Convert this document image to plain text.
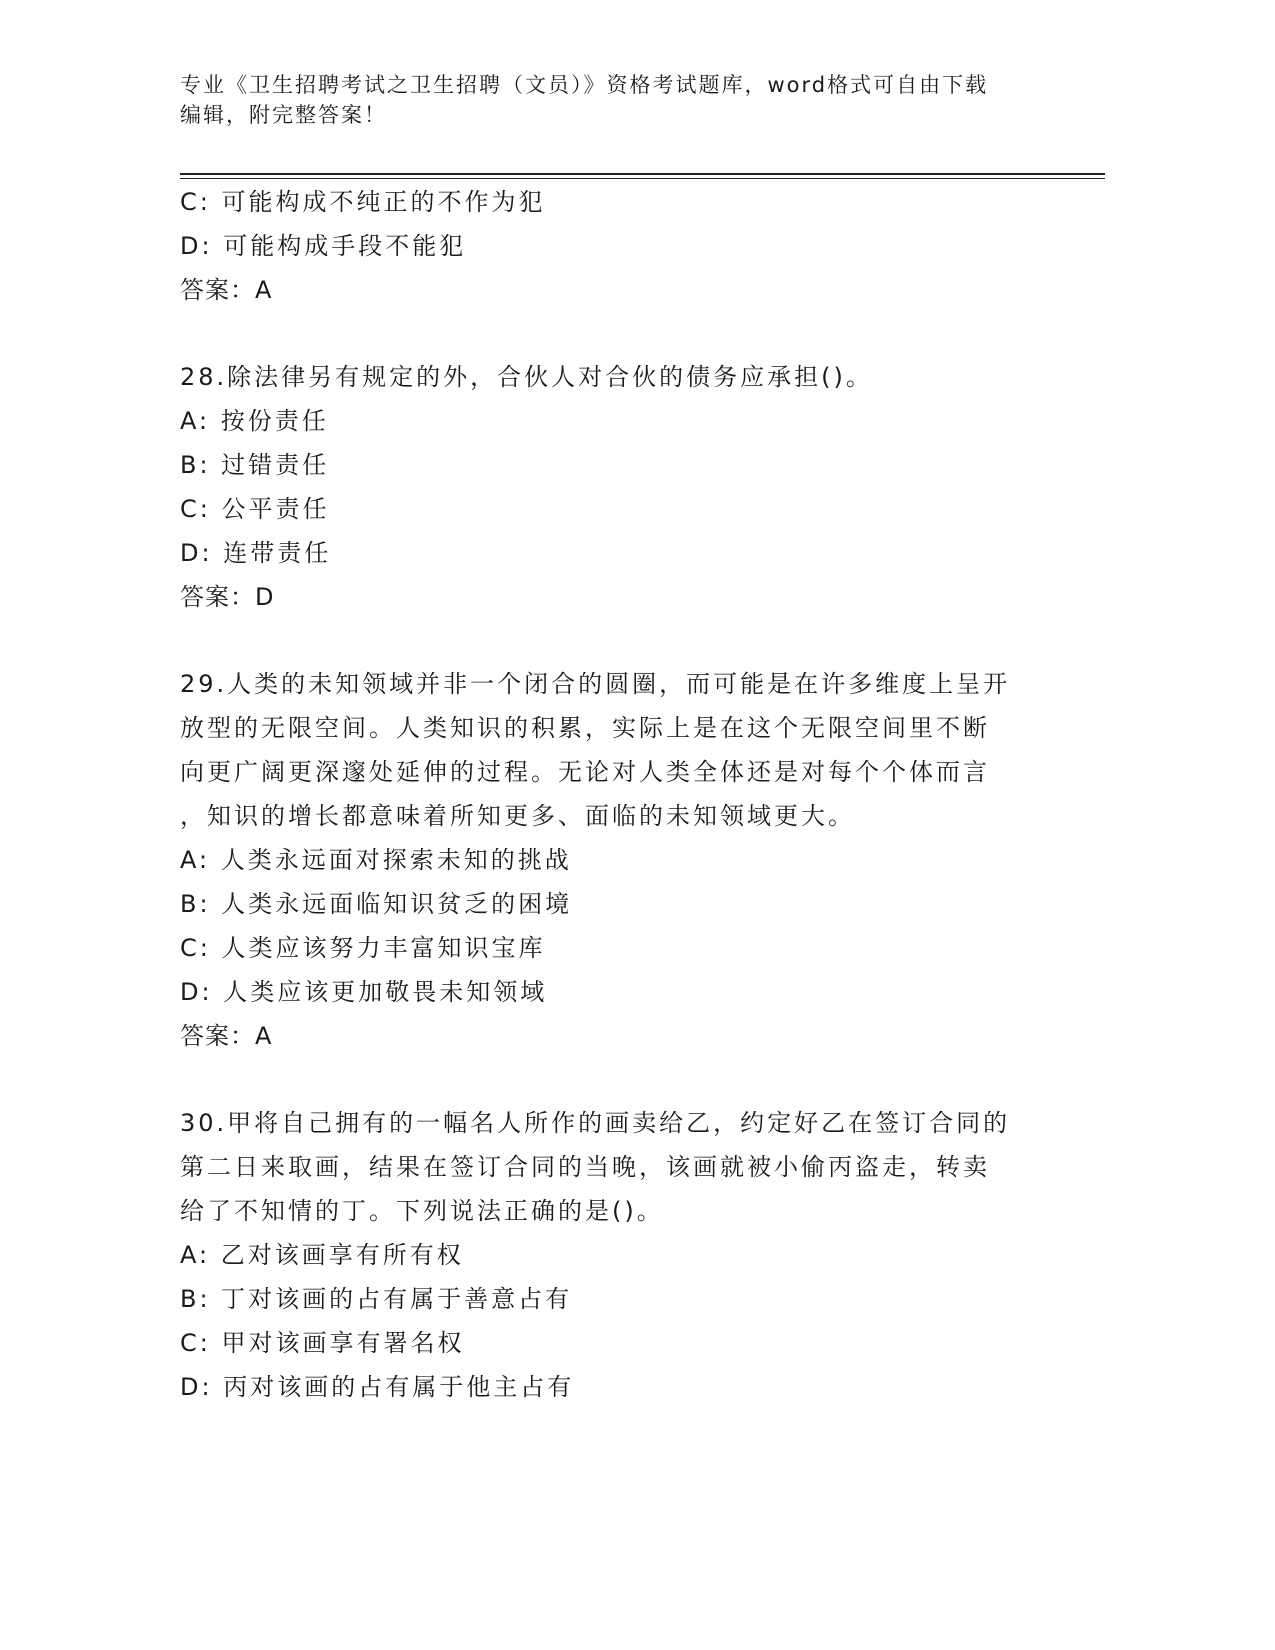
专业《卫生招聘考试之卫生招聘（文员）》资格考试题库，word格式可自由下载
编辑，附完整答案！
C: 可能构成不纯正的不作为犯
D: 可能构成手段不能犯
答案：A
28.除法律另有规定的外，合伙人对合伙的债务应承担()。
A: 按份责任
B: 过错责任
C: 公平责任
D: 连带责任
答案：D
29.人类的未知领域并非一个闭合的圆圈，而可能是在许多维度上呈开
放型的无限空间。人类知识的积累，实际上是在这个无限空间里不断
向更广阔更深邃处延伸的过程。无论对人类全体还是对每个个体而言
，知识的增长都意味着所知更多、面临的未知领域更大。
A: 人类永远面对探索未知的挑战
B: 人类永远面临知识贫乏的困境
C: 人类应该努力丰富知识宝库
D: 人类应该更加敬畏未知领域
答案：A
30.甲将自己拥有的一幅名人所作的画卖给乙，约定好乙在签订合同的
第二日来取画，结果在签订合同的当晚，该画就被小偷丙盗走，转卖
给了不知情的丁。下列说法正确的是()。
A: 乙对该画享有所有权
B: 丁对该画的占有属于善意占有
C: 甲对该画享有署名权
D: 丙对该画的占有属于他主占有
